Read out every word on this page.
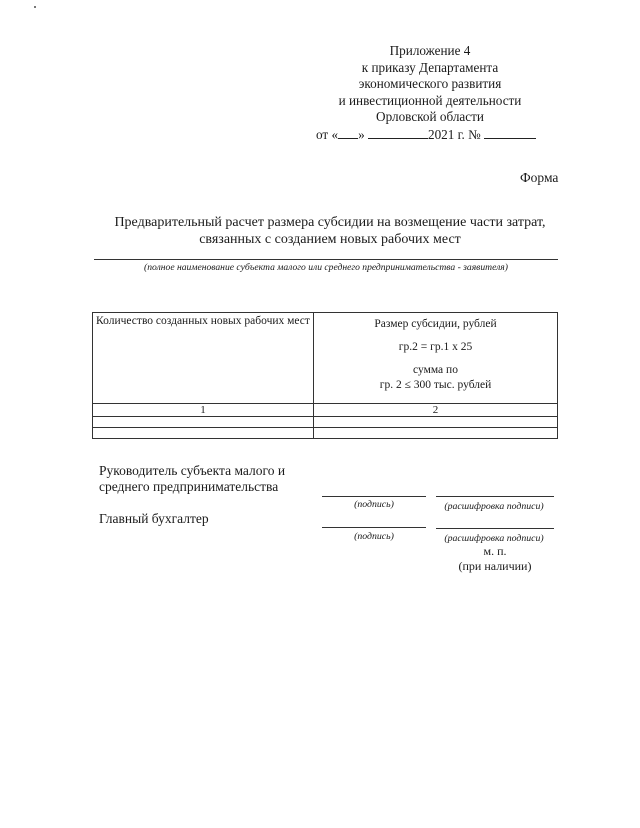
Приложение 4
к приказу Департамента
экономического развития
и инвестиционной деятельности
Орловской области
от « »	2021 г. №
Форма
Предварительный расчет размера субсидии на возмещение части затрат,
связанных с созданием новых рабочих мест
(полное наименование субъекта малого или среднего предпринимательства - заявителя)
Количество созданных новых рабочих мест	Размер субсидии, рублей
гр.2 = гр.1 х 25
сумма по
гр. 2 ≤ 300 тыс. рублей

1	2

Руководитель субъекта малого и
среднего предпринимательства
(подпись)	(расшифровка подписи)
Главный бухгалтер
(подпись)	(расшифровка подписи)
м. п.
(при наличии)
